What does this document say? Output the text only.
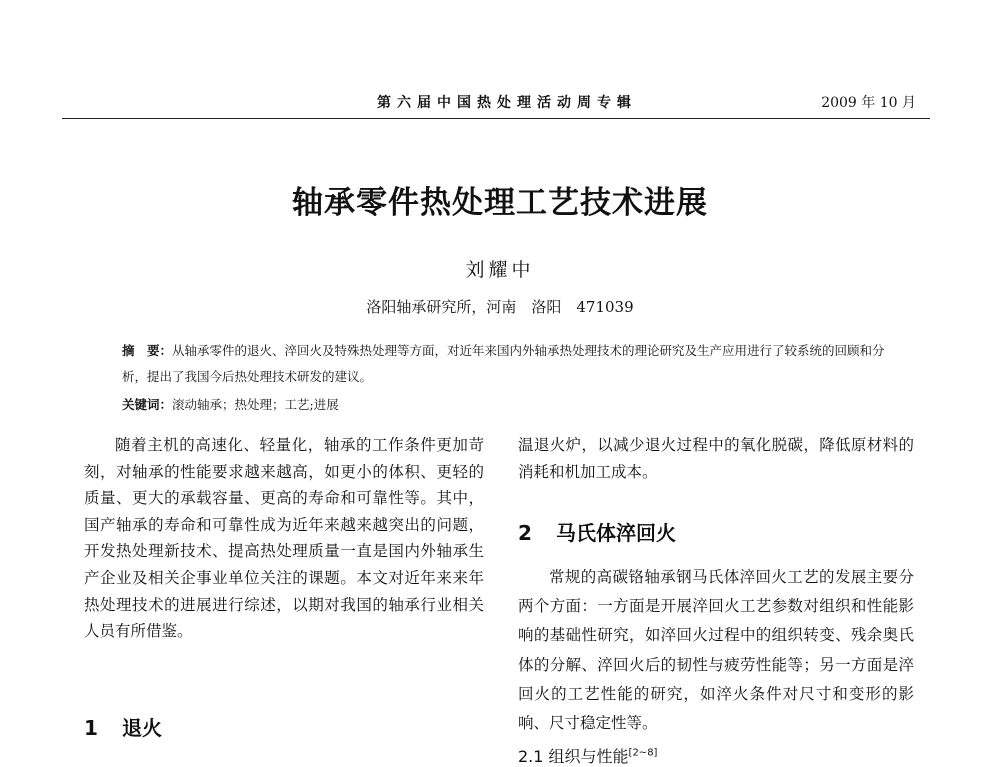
第六届中国热处理活动周专辑	2009 年 10 月
轴承零件热处理工艺技术进展
刘耀中
洛阳轴承研究所，河南　洛阳　471039
摘　要：从轴承零件的退火、淬回火及特殊热处理等方面，对近年来国内外轴承热处理技术的理论研究及生产应用进行了较系统的回顾和分析，提出了我国今后热处理技术研发的建议。
关键词：滚动轴承；热处理；工艺;进展

随着主机的高速化、轻量化，轴承的工作条件更加苛刻，对轴承的性能要求越来越高，如更小的体积、更轻的质量、更大的承载容量、更高的寿命和可靠性等。其中，国产轴承的寿命和可靠性成为近年来越来越突出的问题，开发热处理新技术、提高热处理质量一直是国内外轴承生产企业及相关企事业单位关注的课题。本文对近年来来年热处理技术的进展进行综述，以期对我国的轴承行业相关人员有所借鉴。

1 退火

温退火炉，以减少退火过程中的氧化脱碳，降低原材料的消耗和机加工成本。

2 马氏体淬回火

常规的高碳铬轴承钢马氏体淬回火工艺的发展主要分两个方面：一方面是开展淬回火工艺参数对组织和性能影响的基础性研究，如淬回火过程中的组织转变、残余奥氏体的分解、淬回火后的韧性与疲劳性能等；另一方面是淬回火的工艺性能的研究，如淬火条件对尺寸和变形的影响、尺寸稳定性等。

2.1 组织与性能[2~8]
